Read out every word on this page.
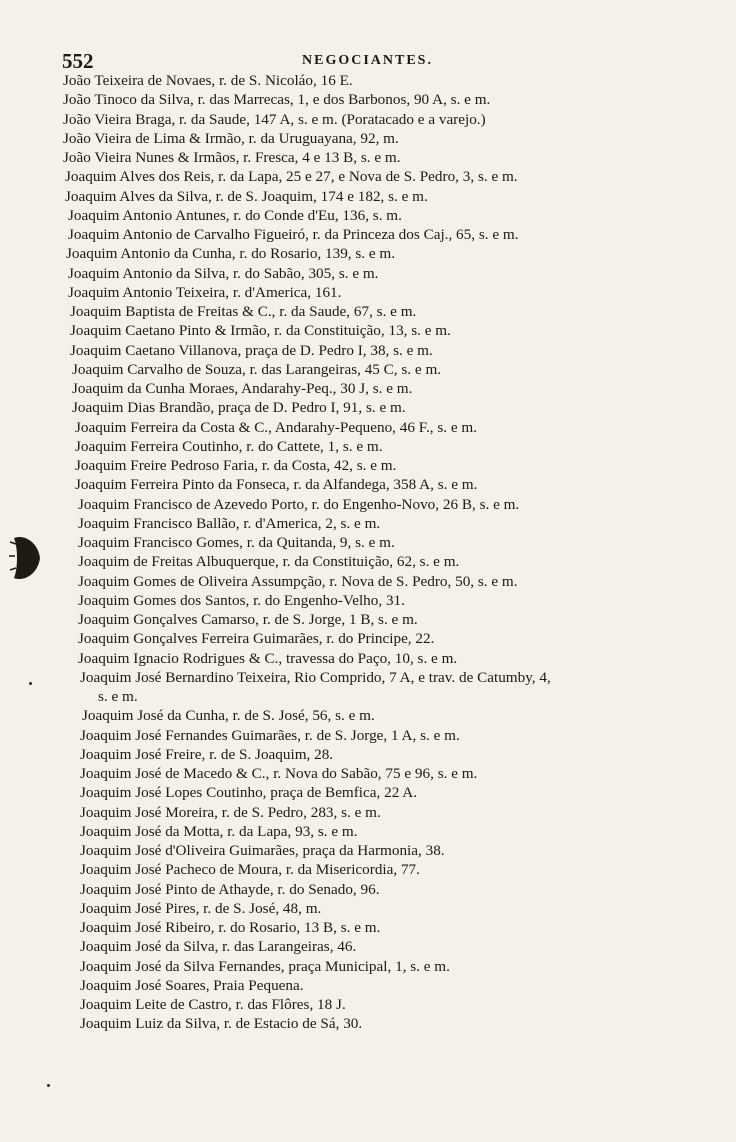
552	NEGOCIANTES.
João Teixeira de Novaes, r. de S. Nicoláo, 16 E.
João Tinoco da Silva, r. das Marrecas, 1, e dos Barbonos, 90 A, s. e m.
João Vieira Braga, r. da Saude, 147 A, s. e m. (Poratacado e a varejo.)
João Vieira de Lima & Irmão, r. da Uruguayana, 92, m.
João Vieira Nunes & Irmãos, r. Fresca, 4 e 13 B, s. e m.
Joaquim Alves dos Reis, r. da Lapa, 25 e 27, e Nova de S. Pedro, 3, s. e m.
Joaquim Alves da Silva, r. de S. Joaquim, 174 e 182, s. e m.
Joaquim Antonio Antunes, r. do Conde d'Eu, 136, s. m.
Joaquim Antonio de Carvalho Figueiró, r. da Princeza dos Caj., 65, s. e m.
Joaquim Antonio da Cunha, r. do Rosario, 139, s. e m.
Joaquim Antonio da Silva, r. do Sabão, 305, s. e m.
Joaquim Antonio Teixeira, r. d'America, 161.
Joaquim Baptista de Freitas & C., r. da Saude, 67, s. e m.
Joaquim Caetano Pinto & Irmão, r. da Constituição, 13, s. e m.
Joaquim Caetano Villanova, praça de D. Pedro I, 38, s. e m.
Joaquim Carvalho de Souza, r. das Larangeiras, 45 C, s. e m.
Joaquim da Cunha Moraes, Andarahy-Peq., 30 J, s. e m.
Joaquim Dias Brandão, praça de D. Pedro I, 91, s. e m.
Joaquim Ferreira da Costa & C., Andarahy-Pequeno, 46 F., s. e m.
Joaquim Ferreira Coutinho, r. do Cattete, 1, s. e m.
Joaquim Freire Pedroso Faria, r. da Costa, 42, s. e m.
Joaquim Ferreira Pinto da Fonseca, r. da Alfandega, 358 A, s. e m.
Joaquim Francisco de Azevedo Porto, r. do Engenho-Novo, 26 B, s. e m.
Joaquim Francisco Ballão, r. d'America, 2, s. e m.
Joaquim Francisco Gomes, r. da Quitanda, 9, s. e m.
Joaquim de Freitas Albuquerque, r. da Constituição, 62, s. e m.
Joaquim Gomes de Oliveira Assumpção, r. Nova de S. Pedro, 50, s. e m.
Joaquim Gomes dos Santos, r. do Engenho-Velho, 31.
Joaquim Gonçalves Camarso, r. de S. Jorge, 1 B, s. e m.
Joaquim Gonçalves Ferreira Guimarães, r. do Principe, 22.
Joaquim Ignacio Rodrigues & C., travessa do Paço, 10, s. e m.
Joaquim José Bernardino Teixeira, Rio Comprido, 7 A, e trav. de Catumby, 4,
s. e m.
Joaquim José da Cunha, r. de S. José, 56, s. e m.
Joaquim José Fernandes Guimarães, r. de S. Jorge, 1 A, s. e m.
Joaquim José Freire, r. de S. Joaquim, 28.
Joaquim José de Macedo & C., r. Nova do Sabão, 75 e 96, s. e m.
Joaquim José Lopes Coutinho, praça de Bemfica, 22 A.
Joaquim José Moreira, r. de S. Pedro, 283, s. e m.
Joaquim José da Motta, r. da Lapa, 93, s. e m.
Joaquim José d'Oliveira Guimarães, praça da Harmonia, 38.
Joaquim José Pacheco de Moura, r. da Misericordia, 77.
Joaquim José Pinto de Athayde, r. do Senado, 96.
Joaquim José Pires, r. de S. José, 48, m.
Joaquim José Ribeiro, r. do Rosario, 13 B, s. e m.
Joaquim José da Silva, r. das Larangeiras, 46.
Joaquim José da Silva Fernandes, praça Municipal, 1, s. e m.
Joaquim José Soares, Praia Pequena.
Joaquim Leite de Castro, r. das Flôres, 18 J.
Joaquim Luiz da Silva, r. de Estacio de Sá, 30.
